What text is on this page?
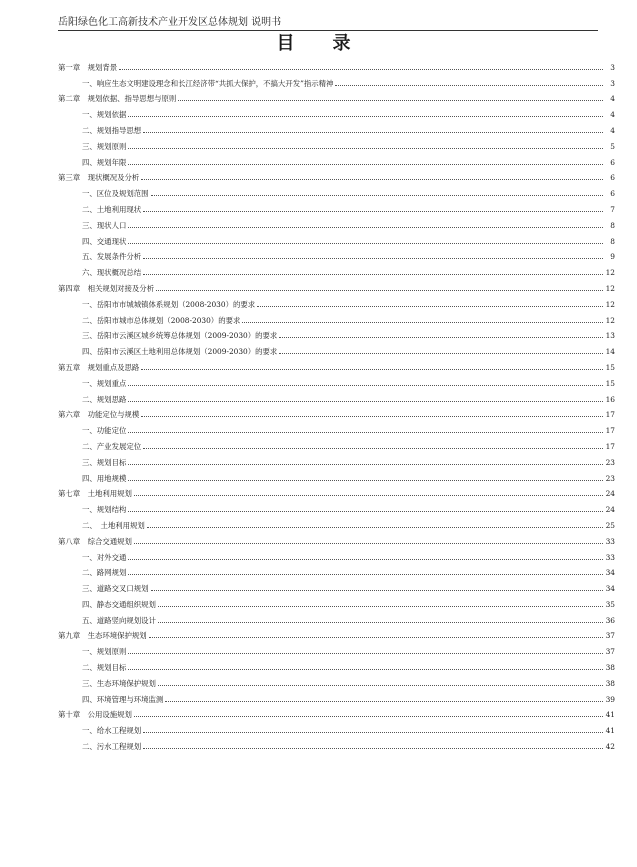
岳阳绿色化工高新技术产业开发区总体规划 说明书
目　录
第一章　规划背景	3
一、响应生态文明建设理念和长江经济带“共抓大保护，不搞大开发”指示精神	3
第二章　规划依据、指导思想与原则	4
一、规划依据	4
二、规划指导思想	4
三、规划原则	5
四、规划年限	6
第三章　现状概况及分析	6
一、区位及规划范围	6
二、土地利用现状	7
三、现状人口	8
四、交通现状	8
五、发展条件分析	9
六、现状概况总结	12
第四章　相关规划对接及分析	12
一、岳阳市市城城镇体系规划（2008-2030）的要求	12
二、岳阳市城市总体规划（2008-2030）的要求	12
三、岳阳市云溪区城乡统筹总体规划（2009-2030）的要求	13
四、岳阳市云溪区土地利用总体规划（2009-2030）的要求	14
第五章　规划重点及思路	15
一、规划重点	15
二、规划思路	16
第六章　功能定位与规模	17
一、功能定位	17
二、产业发展定位	17
三、规划目标	23
四、用地规模	23
第七章　土地利用规划	24
一、规划结构	24
二、　土地利用规划	25
第八章　综合交通规划	33
一、对外交通	33
二、路网规划	34
三、道路交叉口规划	34
四、静态交通组织规划	35
五、道路竖向规划设计	36
第九章　生态环境保护规划	37
一、规划原则	37
二、规划目标	38
三、生态环境保护规划	38
四、环境管理与环境监测	39
第十章　公用设施规划	41
一、给水工程规划	41
二、污水工程规划	42
